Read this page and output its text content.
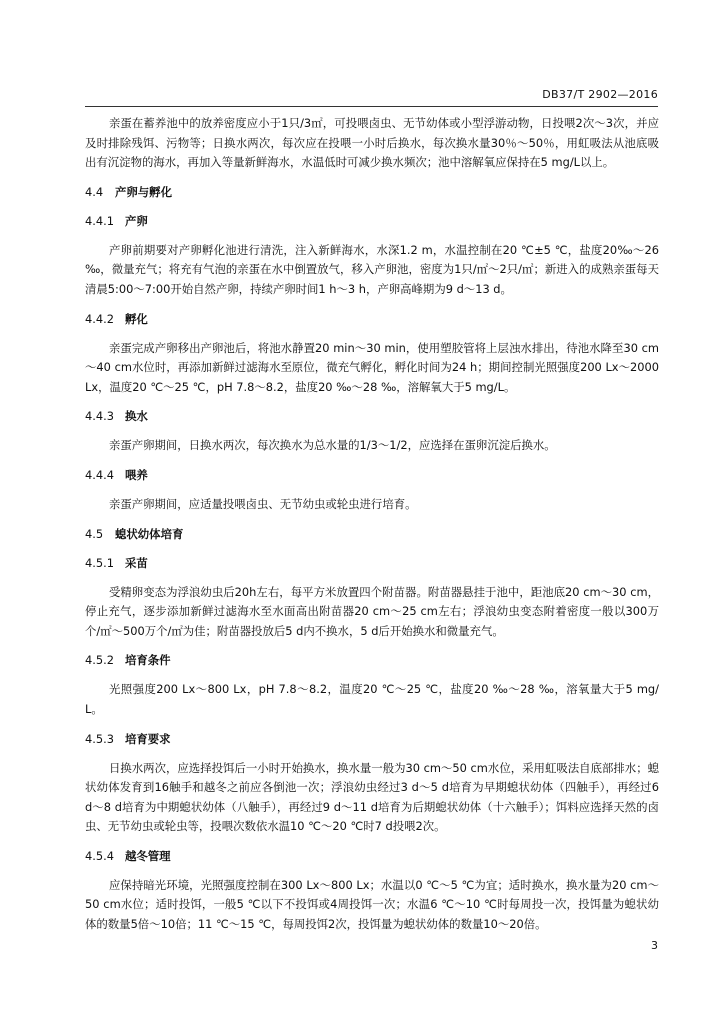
DB37/T 2902—2016

亲蛋在蓄养池中的放养密度应小于1只/3㎡，可投喂卤虫、无节幼体或小型浮游动物，日投喂2次～3次，并应及时排除残饵、污物等；日换水两次，每次应在投喂一小时后换水，每次换水量30％～50％，用虹吸法从池底吸出有沉淀物的海水，再加入等量新鲜海水，水温低时可减少换水频次；池中溶解氧应保持在5 mg/L以上。

4.4 产卵与孵化
4.4.1 产卵

产卵前期要对产卵孵化池进行清洗，注入新鲜海水，水深1.2 m，水温控制在20 ℃±5 ℃，盐度20‰～26 ‰，微量充气；将充有气泡的亲蛋在水中倒置放气，移入产卵池，密度为1只/㎡～2只/㎡；新进入的成熟亲蛋每天清晨5:00～7:00开始自然产卵，持续产卵时间1 h～3 h，产卵高峰期为9 d～13 d。

4.4.2 孵化

亲蛋完成产卵移出产卵池后，将池水静置20 min～30 min，使用塑胶管将上层浊水排出，待池水降至30 cm～40 cm水位时，再添加新鲜过滤海水至原位，微充气孵化，孵化时间为24 h；期间控制光照强度200 Lx～2000 Lx，温度20 ℃～25 ℃，pH 7.8～8.2，盐度20 ‰～28 ‰，溶解氧大于5 mg/L。

4.4.3 换水

亲蛋产卵期间，日换水两次，每次换水为总水量的1/3～1/2，应选择在蛋卵沉淀后换水。

4.4.4 喂养

亲蛋产卵期间，应适量投喂卤虫、无节幼虫或轮虫进行培育。

4.5 螅状幼体培育
4.5.1 采苗

受精卵变态为浮浪幼虫后20h左右，每平方米放置四个附苗器。附苗器悬挂于池中，距池底20 cm～30 cm，停止充气，逐步添加新鲜过滤海水至水面高出附苗器20 cm～25 cm左右；浮浪幼虫变态附着密度一般以300万个/㎡～500万个/㎡为佳；附苗器投放后5 d内不换水，5 d后开始换水和微量充气。

4.5.2 培育条件

光照强度200 Lx～800 Lx，pH 7.8～8.2，温度20 ℃～25 ℃，盐度20 ‰～28 ‰，溶氧量大于5 mg/L。

4.5.3 培育要求

日换水两次，应选择投饵后一小时开始换水，换水量一般为30 cm～50 cm水位，采用虹吸法自底部排水；螅状幼体发育到16触手和越冬之前应各倒池一次；浮浪幼虫经过3 d～5 d培育为早期螅状幼体（四触手），再经过6 d～8 d培育为中期螅状幼体（八触手），再经过9 d～11 d培育为后期螅状幼体（十六触手）；饵料应选择天然的卤虫、无节幼虫或轮虫等，投喂次数依水温10 ℃～20 ℃时7 d投喂2次。

4.5.4 越冬管理

应保持暗光环境，光照强度控制在300 Lx～800 Lx；水温以0 ℃～5 ℃为宜；适时换水，换水量为20 cm～50 cm水位；适时投饵，一般5 ℃以下不投饵或4周投饵一次；水温6 ℃～10 ℃时每周投一次，投饵量为螅状幼体的数量5倍～10倍；11 ℃～15 ℃，每周投饵2次，投饵量为螅状幼体的数量10～20倍。

3
